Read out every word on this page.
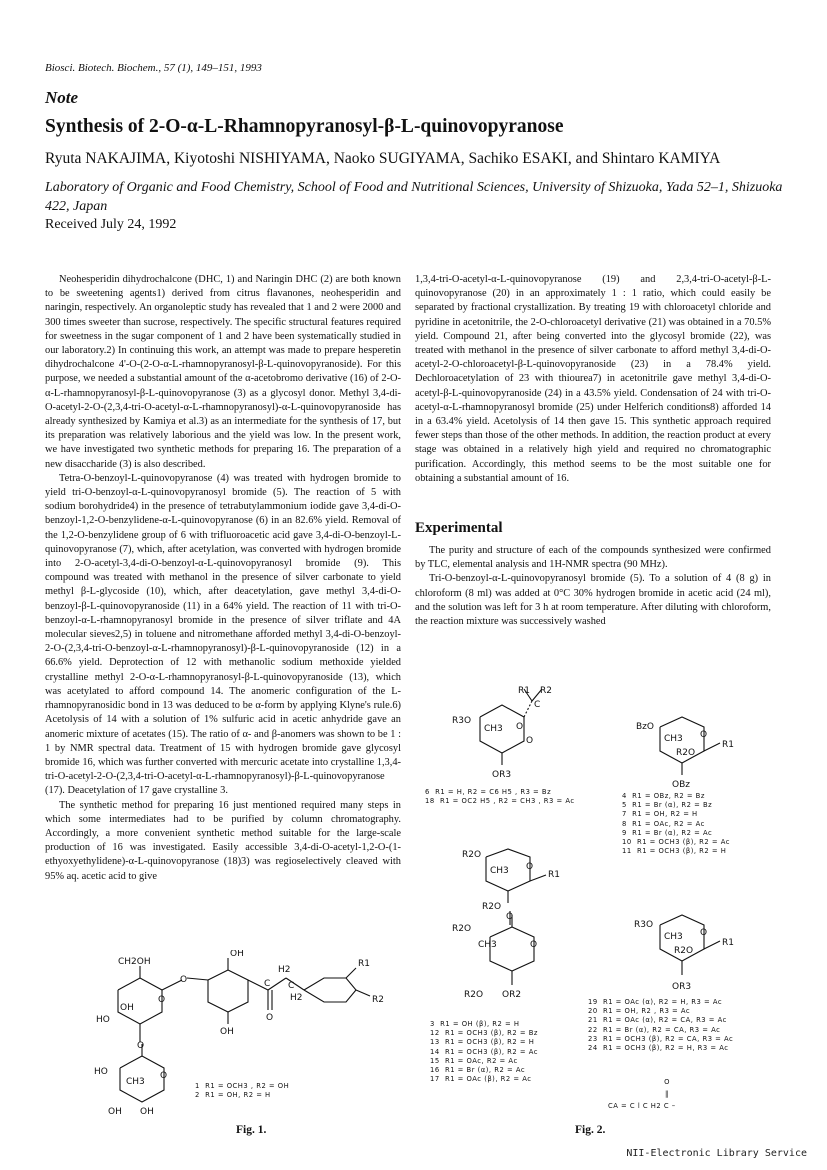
Biosci. Biotech. Biochem., 57 (1), 149–151, 1993
Note
Synthesis of 2-O-α-L-Rhamnopyranosyl-β-L-quinovopyranose
Ryuta NAKAJIMA, Kiyotoshi NISHIYAMA, Naoko SUGIYAMA, Sachiko ESAKI, and Shintaro KAMIYA
Laboratory of Organic and Food Chemistry, School of Food and Nutritional Sciences, University of Shizuoka, Yada 52–1, Shizuoka 422, Japan
Received July 24, 1992

Neohesperidin dihydrochalcone (DHC, 1) and Naringin DHC (2) are both known to be sweetening agents1) derived from citrus flavanones, neohesperidin and naringin, respectively. An organoleptic study has revealed that 1 and 2 were 2000 and 300 times sweeter than sucrose, respectively. The specific structural features required for sweetness in the sugar component of 1 and 2 have been systematically studied in our laboratory.2) In continuing this work, an attempt was made to prepare hesperetin dihydrochalcone 4'-O-(2-O-α-L-rhamnopyranosyl-β-L-quinovopyranoside). For this purpose, we needed a substantial amount of the α-acetobromo derivative (16) of 2-O-α-L-rhamnopyranosyl-β-L-quinovopyranose (3) as a glycosyl donor. Methyl 3,4-di-O-acetyl-2-O-(2,3,4-tri-O-acetyl-α-L-rhamnopyranosyl)-α-L-quinovopyranoside has already synthesized by Kamiya et al.3) as an intermediate for the synthesis of 17, but its preparation was relatively laborious and the yield was low. In the present work, we have investigated two synthetic methods for preparing 16. The preparation of a new disaccharide (3) is also described.

Tetra-O-benzoyl-L-quinovopyranose (4) was treated with hydrogen bromide to yield tri-O-benzoyl-α-L-quinovopyranosyl bromide (5). The reaction of 5 with sodium borohydride4) in the presence of tetrabutylammonium iodide gave 3,4-di-O-benzoyl-1,2-O-benzylidene-α-L-quinovopyranose (6) in an 82.6% yield. Removal of the 1,2-O-benzylidene group of 6 with trifluoroacetic acid gave 3,4-di-O-benzoyl-L-quinovopyranose (7), which, after acetylation, was converted with hydrogen bromide into 2-O-acetyl-3,4-di-O-benzoyl-α-L-quinovopyranosyl bromide (9). This compound was treated with methanol in the presence of silver carbonate to yield methyl β-L-glycoside (10), which, after deacetylation, gave methyl 3,4-di-O-benzoyl-β-L-quinovopyranoside (11) in a 64% yield. The reaction of 11 with tri-O-benzoyl-α-L-rhamnopyranosyl bromide in the presence of silver triflate and 4A molecular sieves2,5) in toluene and nitromethane afforded methyl 3,4-di-O-benzoyl-2-O-(2,3,4-tri-O-benzoyl-α-L-rhamnopyranosyl)-β-L-quinovopyranoside (12) in a 66.6% yield. Deprotection of 12 with methanolic sodium methoxide yielded crystalline methyl 2-O-α-L-rhamnopyranosyl-β-L-quinovopyranoside (13), which was acetylated to afford compound 14. The anomeric configuration of the L-rhamnopyranosidic bond in 13 was deduced to be α-form by applying Klyne's rule.6) Acetolysis of 14 with a solution of 1% sulfuric acid in acetic anhydride gave an anomeric mixture of acetates (15). The ratio of α- and β-anomers was shown to be 1 : 1 by NMR spectral data. Treatment of 15 with hydrogen bromide gave glycosyl bromide 16, which was further converted with mercuric acetate into crystalline 1,3,4-tri-O-acetyl-2-O-(2,3,4-tri-O-acetyl-α-L-rhamnopyranosyl)-β-L-quinovopyranose (17). Deacetylation of 17 gave crystalline 3.

The synthetic method for preparing 16 just mentioned required many steps in which some intermediates had to be purified by column chromatography. Accordingly, a more convenient synthetic method suitable for the large-scale production of 16 was investigated. Easily accessible 3,4-di-O-acetyl-1,2-O-(1-ethyoxyethylidene)-α-L-quinovopyranose (18)3) was regioselectively cleaved with 95% aq. acetic acid to give

1,3,4-tri-O-acetyl-α-L-quinovopyranose (19) and 2,3,4-tri-O-acetyl-β-L-quinovopyranose (20) in an approximately 1 : 1 ratio, which could easily be separated by fractional crystallization. By treating 19 with chloroacetyl chloride and pyridine in acetonitrile, the 2-O-chloroacetyl derivative (21) was obtained in a 70.5% yield. Compound 21, after being converted into the glycosyl bromide (22), was treated with methanol in the presence of silver carbonate to afford methyl 3,4-di-O-acetyl-2-O-chloroacetyl-β-L-quinovopyranoside (23) in a 78.4% yield. Dechloroacetylation of 23 with thiourea7) in acetonitrile gave methyl 3,4-di-O-acetyl-β-L-quinovopyranoside (24) in a 43.5% yield. Condensation of 24 with tri-O-acetyl-α-L-rhamnopyranosyl bromide (25) under Helferich conditions8) afforded 14 in a 63.4% yield. Acetolysis of 14 then gave 15. This synthetic approach required fewer steps than those of the other methods. In addition, the reaction product at every stage was obtained in a relatively high yield and required no chromatographic purification. Accordingly, this method seems to be the most suitable one for obtaining a substantial amount of 16.

Experimental

The purity and structure of each of the compounds synthesized were confirmed by TLC, elemental analysis and 1H-NMR spectra (90 MHz).

Tri-O-benzoyl-α-L-quinovopyranosyl bromide (5). To a solution of 4 (8 g) in chloroform (8 ml) was added at 0°C 30% hydrogen bromide in acetic acid (24 ml), and the solution was left for 3 h at room temperature. After diluting with chloroform, the reaction mixture was successively washed

CH2OH
O
OH
HO
O
O
HO
CH3
O
OH OH
OH
OH
H2
C C
H2
O
R1
R2
1  R1 = OCH3 , R2 = OH
2  R1 = OH, R2 = H
Fig. 1.
R1 R2
C
R3O
CH3 O
O
OR3
6  R1 = H, R2 = C6 H5 , R3 = Bz
18  R1 = OC2 H5 , R2 = CH3 , R3 = Ac
BzO
CH3 O
R2O
R1
OBz
4  R1 = OBz, R2 = Bz
5  R1 = Br (α), R2 = Bz
7  R1 = OH, R2 = H
8  R1 = OAc, R2 = Ac
9  R1 = Br (α), R2 = Ac
10  R1 = OCH3 (β), R2 = Ac
11  R1 = OCH3 (β), R2 = H
R2O
CH3 O
R1
R2O
O
R2O
CH3	O
R2O OR2
3  R1 = OH (β), R2 = H
12  R1 = OCH3 (β), R2 = Bz
13  R1 = OCH3 (β), R2 = H
14  R1 = OCH3 (β), R2 = Ac
15  R1 = OAc, R2 = Ac
16  R1 = Br (α), R2 = Ac
17  R1 = OAc (β), R2 = Ac
R3O
CH3 O
R2O
R1
OR3
19  R1 = OAc (α), R2 = H, R3 = Ac
20  R1 = OH, R2 , R3 = Ac
21  R1 = OAc (α), R2 = CA, R3 = Ac
22  R1 = Br (α), R2 = CA, R3 = Ac
23  R1 = OCH3 (β), R2 = CA, R3 = Ac
24  R1 = OCH3 (β), R2 = H, R3 = Ac
O
‖
CA = C l C H2 C –
Fig. 2.
NII-Electronic Library Service
